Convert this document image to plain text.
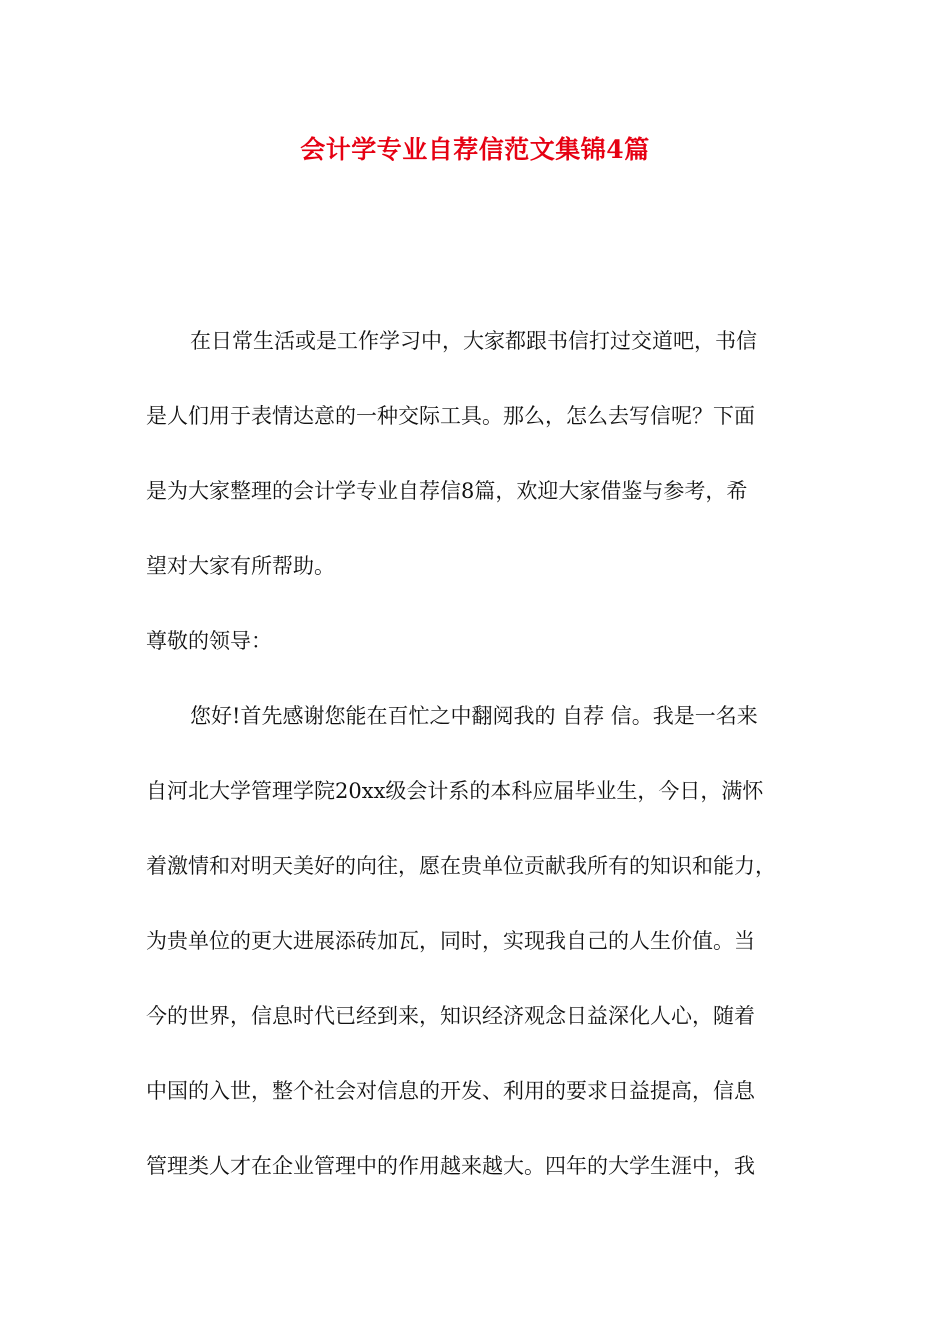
会计学专业自荐信范文集锦4篇

在日常生活或是工作学习中，大家都跟书信打过交道吧，书信

是人们用于表情达意的一种交际工具。那么，怎么去写信呢？下面

是为大家整理的会计学专业自荐信8篇，欢迎大家借鉴与参考，希

望对大家有所帮助。

尊敬的领导：

您好!首先感谢您能在百忙之中翻阅我的 自荐 信。我是一名来

自河北大学管理学院20xx级会计系的本科应届毕业生，今日，满怀

着激情和对明天美好的向往，愿在贵单位贡献我所有的知识和能力，

为贵单位的更大进展添砖加瓦，同时，实现我自己的人生价值。当

今的世界，信息时代已经到来，知识经济观念日益深化人心，随着

中国的入世，整个社会对信息的开发、利用的要求日益提高，信息

管理类人才在企业管理中的作用越来越大。四年的大学生涯中，我
